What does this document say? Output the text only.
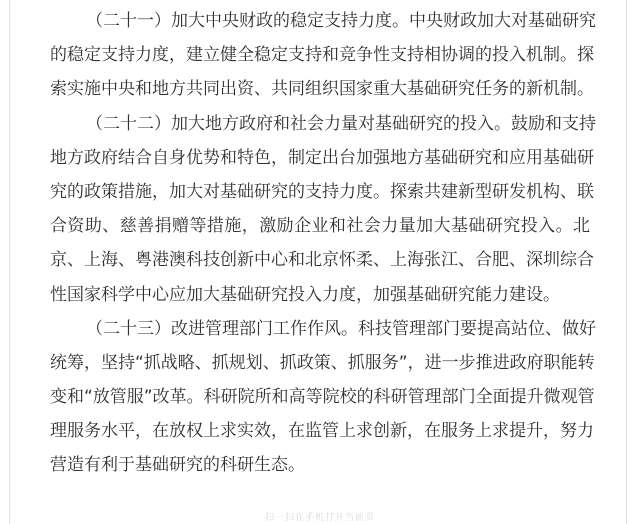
（二十一）加大中央财政的稳定支持力度。中央财政加大对基础研究
的稳定支持力度，建立健全稳定支持和竞争性支持相协调的投入机制。探
索实施中央和地方共同出资、共同组织国家重大基础研究任务的新机制。
（二十二）加大地方政府和社会力量对基础研究的投入。鼓励和支持
地方政府结合自身优势和特色，制定出台加强地方基础研究和应用基础研
究的政策措施，加大对基础研究的支持力度。探索共建新型研发机构、联
合资助、慈善捐赠等措施，激励企业和社会力量加大基础研究投入。北
京、上海、粤港澳科技创新中心和北京怀柔、上海张江、合肥、深圳综合
性国家科学中心应加大基础研究投入力度，加强基础研究能力建设。
（二十三）改进管理部门工作作风。科技管理部门要提高站位、做好
统筹，坚持“抓战略、抓规划、抓政策、抓服务”，进一步推进政府职能转
变和“放管服”改革。科研院所和高等院校的科研管理部门全面提升微观管
理服务水平，在放权上求实效，在监管上求创新，在服务上求提升，努力
营造有利于基础研究的科研生态。
扫一扫在手机打开当前页
